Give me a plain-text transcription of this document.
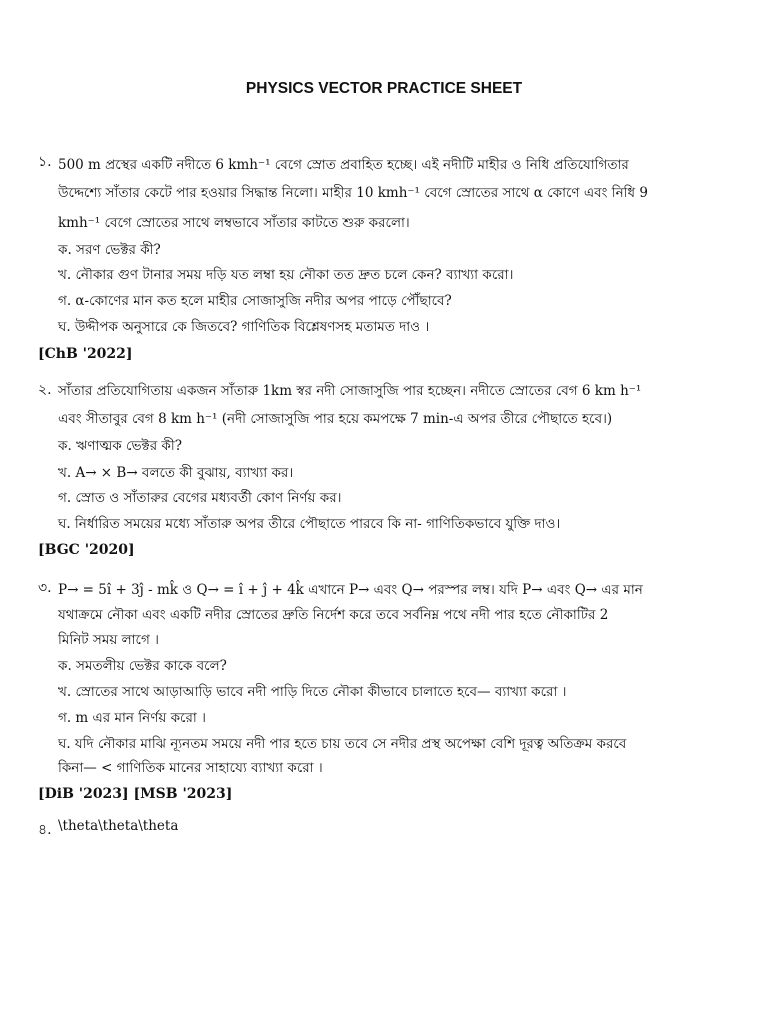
PHYSICS VECTOR PRACTICE SHEET
১. 500 m প্রস্থের একটি নদীতে 6 kmh⁻¹ বেগে স্রোত প্রবাহিত হচ্ছে। এই নদীটি মাহীর ও নিধি প্রতিযোগিতার
উদ্দেশ্যে সাঁতার কেটে পার হওয়ার সিদ্ধান্ত নিলো। মাহীর 10 kmh⁻¹ বেগে স্রোতের সাথে α কোণে এবং নিধি 9
kmh⁻¹ বেগে স্রোতের সাথে লম্বভাবে সাঁতার কাটতে শুরু করলো।
ক. সরণ ভেক্টর কী?
খ. নৌকার গুণ টানার সময় দড়ি যত লম্বা হয় নৌকা তত দ্রুত চলে কেন? ব্যাখ্যা করো।
গ. α-কোণের মান কত হলে মাহীর সোজাসুজি নদীর অপর পাড়ে পৌঁছাবে?
ঘ. উদ্দীপক অনুসারে কে জিতবে? গাণিতিক বিশ্লেষণসহ মতামত দাও ।
[ChB '2022]
২. সাঁতার প্রতিযোগিতায় একজন সাঁতারু 1km স্বর নদী সোজাসুজি পার হচ্ছেন। নদীতে স্রোতের বেগ 6 km h⁻¹
এবং সীতাবুর বেগ 8 km h⁻¹ (নদী সোজাসুজি পার হয়ে কমপক্ষে 7 min-এ অপর তীরে পৌছাতে হবে।)
ক. ঋণাত্মক ভেক্টর কী?
খ. A→ × B→ বলতে কী বুঝায়, ব্যাখ্যা কর।
গ. স্রোত ও সাঁতারুর বেগের মধ্যবর্তী কোণ নির্ণয় কর।
ঘ. নির্ধারিত সময়ের মধ্যে সাঁতারু অপর তীরে পৌছাতে পারবে কি না- গাণিতিকভাবে যুক্তি দাও।
[BGC '2020]
৩. P→ = 5î + 3ĵ - mk̂ ও Q→ = î + ĵ + 4k̂ এখানে P→ এবং Q→ পরস্পর লম্ব। যদি P→ এবং Q→ এর মান
যথাক্রমে নৌকা এবং একটি নদীর স্রোতের দ্রুতি নির্দেশ করে তবে সর্বনিম্ন পথে নদী পার হতে নৌকাটির 2
মিনিট সময় লাগে ।
ক. সমতলীয় ভেক্টর কাকে বলে?
খ. স্রোতের সাথে আড়াআড়ি ভাবে নদী পাড়ি দিতে নৌকা কীভাবে চালাতে হবে— ব্যাখ্যা করো ।
গ. m এর মান নির্ণয় করো ।
ঘ. যদি নৌকার মাঝি ন্যূনতম সময়ে নদী পার হতে চায় তবে সে নদীর প্রস্থ অপেক্ষা বেশি দূরত্ব অতিক্রম করবে
কিনা— < গাণিতিক মানের সাহায্যে ব্যাখ্যা করো ।
[DiB '2023] [MSB '2023]
৪. \theta\theta\theta
